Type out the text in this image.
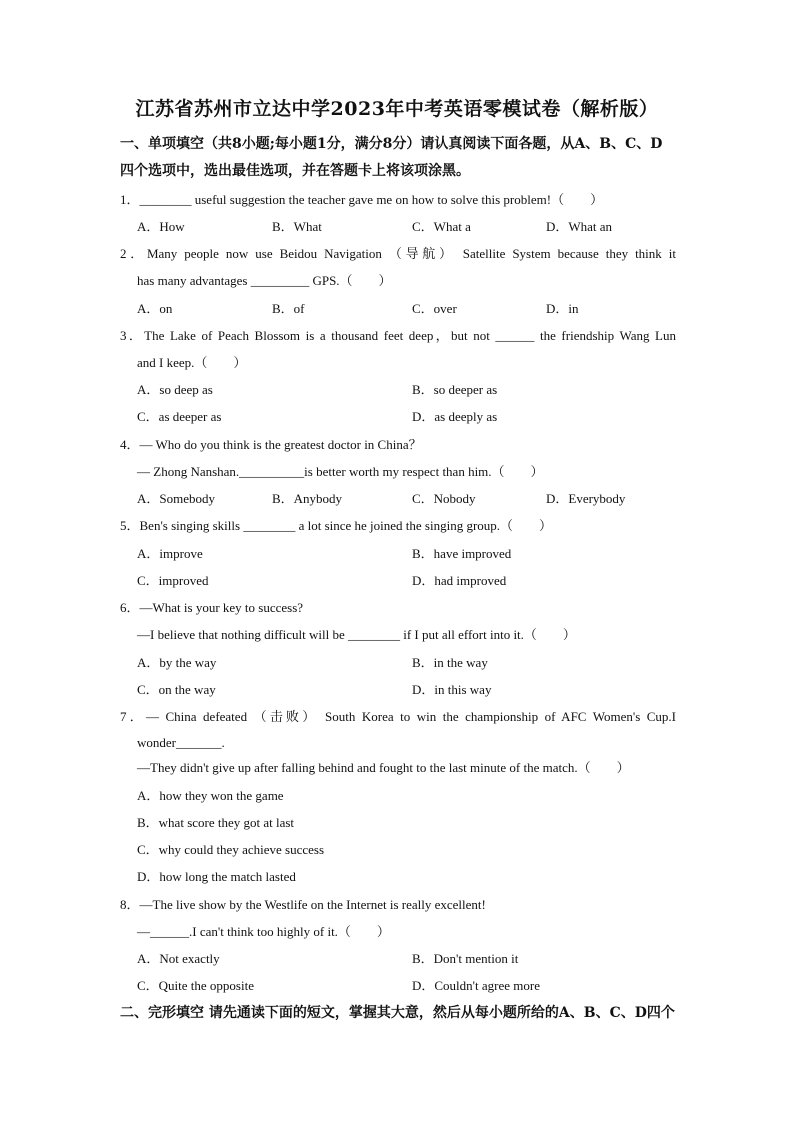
江苏省苏州市立达中学2023年中考英语零模试卷（解析版）
一、单项填空（共8小题;每小题1分，满分8分）请认真阅读下面各题，从A、B、C、D
四个选项中，选出最佳选项，并在答题卡上将该项涂黑。
1．________ useful suggestion the teacher gave me on how to solve this problem!（　　）
A．How	B．What	C．What a	D．What an
2．Many people now use Beidou Navigation （导航） Satellite System because they think it
has many advantages _________ GPS.（　　）
A．on	B．of	C．over	D．in
3．The Lake of Peach Blossom is a thousand feet deep，but not ______ the friendship Wang Lun
and I keep.（　　）
A．so deep as	B．so deeper as
C．as deeper as	D．as deeply as
4．— Who do you think is the greatest doctor in China？
— Zhong Nanshan.__________is better worth my respect than him.（　　）
A．Somebody	B．Anybody	C．Nobody	D．Everybody
5．Ben's singing skills ________ a lot since he joined the singing group.（　　）
A．improve	B．have improved
C．improved	D．had improved
6．—What is your key to success?
—I believe that nothing difficult will be ________ if I put all effort into it.（　　）
A．by the way	B．in the way
C．on the way	D．in this way
7．— China defeated （击败） South Korea to win the championship of AFC Women's Cup.I
wonder_______.
—They didn't give up after falling behind and fought to the last minute of the match.（　　）
A．how they won the game
B．what score they got at last
C．why could they achieve success
D．how long the match lasted
8．—The live show by the Westlife on the Internet is really excellent!
—______.I can't think too highly of it.（　　）
A．Not exactly	B．Don't mention it
C．Quite the opposite	D．Couldn't agree more
二、完形填空 请先通读下面的短文，掌握其大意，然后从每小题所给的A、B、C、D四个
